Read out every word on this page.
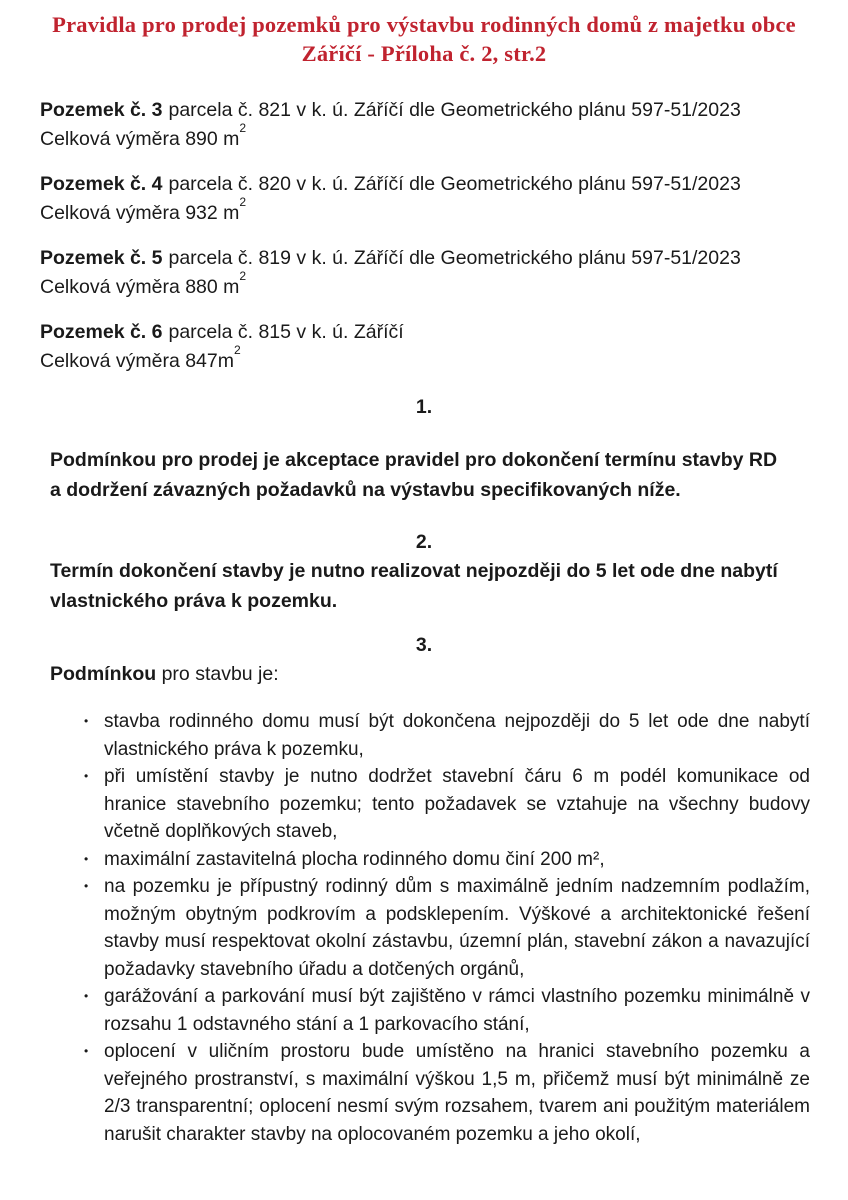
Pravidla pro prodej pozemků pro výstavbu rodinných domů z majetku obce
Záříčí - Příloha č. 2, str.2
Pozemek č. 3 parcela č. 821 v k. ú. Záříčí dle Geometrického plánu 597-51/2023
Celková výměra 890 $m^2$
Pozemek č. 4 parcela č. 820 v k. ú. Záříčí dle Geometrického plánu 597-51/2023
Celková výměra 932 $m^2$
Pozemek č. 5 parcela č. 819 v k. ú. Záříčí dle Geometrického plánu 597-51/2023
Celková výměra 880 $m^2$
Pozemek č. 6 parcela č. 815 v k. ú. Záříčí
Celková výměra $847m^2$
1.
Podmínkou pro prodej je akceptace pravidel pro dokončení termínu stavby RD a dodržení závazných požadavků na výstavbu specifikovaných níže.
2.
Termín dokončení stavby je nutno realizovat nejpozději do 5 let ode dne nabytí vlastnického práva k pozemku.
3.
Podmínkou pro stavbu je:
• stavba rodinného domu musí být dokončena nejpozději do 5 let ode dne nabytí vlastnického práva k pozemku,
• při umístění stavby je nutno dodržet stavební čáru 6 m podél komunikace od hranice stavebního pozemku; tento požadavek se vztahuje na všechny budovy včetně doplňkových staveb,
• maximální zastavitelná plocha rodinného domu činí 200 m²,
• na pozemku je přípustný rodinný dům s maximálně jedním nadzemním podlažím, možným obytným podkrovím a podsklepením. Výškové a architektonické řešení stavby musí respektovat okolní zástavbu, územní plán, stavební zákon a navazující požadavky stavebního úřadu a dotčených orgánů,
• garážování a parkování musí být zajištěno v rámci vlastního pozemku minimálně v rozsahu 1 odstavného stání a 1 parkovacího stání,
• oplocení v uličním prostoru bude umístěno na hranici stavebního pozemku a veřejného prostranství, s maximální výškou 1,5 m, přičemž musí být minimálně ze 2/3 transparentní; oplocení nesmí svým rozsahem, tvarem ani použitým materiálem narušit charakter stavby na oplocovaném pozemku a jeho okolí,
